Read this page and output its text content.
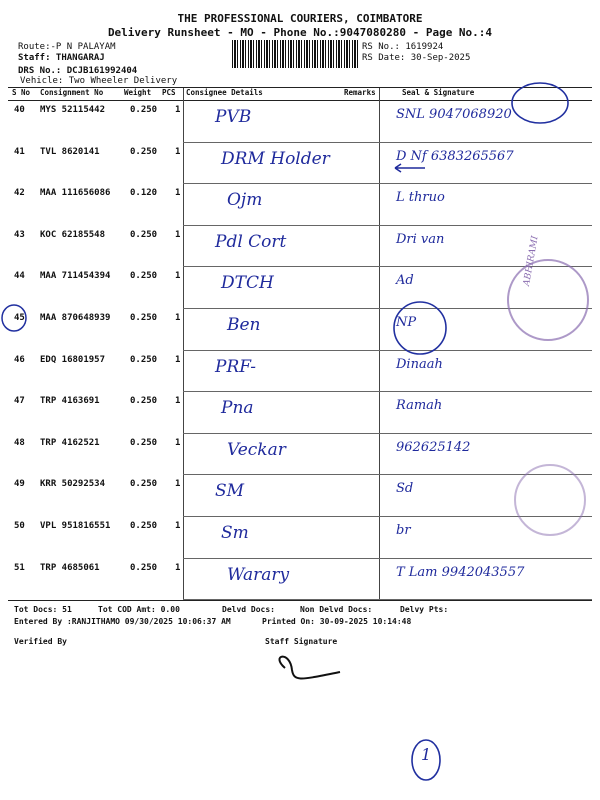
THE PROFESSIONAL COURIERS, COIMBATORE
Delivery Runsheet - MO - Phone No.:9047080280 - Page No.:4
Route:-P N PALAYAM
Staff: THANGARAJ
DRS No.: DCJB161992404
Vehicle: Two Wheeler Delivery
RS No.: 1619924
RS Date: 30-Sep-2025
S No Consignment No	Weight PCS Consignee Details	Remarks	Seal & Signature
40 MYS 52115442	0.250 1 PVB	SNL 9047068920
41 TVL 8620141	0.250 1 DRM Holder	D Nf 6383265567
42 MAA 111656086 0.120 1	Ojm	L thruo
43 KOC 62185548	0.250 1 Pdl Cort	Dri van
44 MAA 711454394 0.250 1 DTCH	Ad
45 MAA 870648939 0.250 1	Ben	NP
46 EDQ 16801957	0.250 1 PRF-	Dinaah
47 TRP 4163691	0.250 1 Pna	Ramah
48 TRP 4162521	0.250 1	Veckar	962625142
49 KRR 50292534	0.250 1 SM	Sd
50 VPL 951816551 0.250 1 Sm	br
51 TRP 4685061	0.250 1	Warary	T Lam 9942043557
Tot Docs: 51	Tot COD Amt: 0.00	Delvd Docs:	Non Delvd Docs:	Delvy Pts:
Entered By :RANJITHAMO 09/30/2025 10:06:37 AM	Printed On: 30-09-2025 10:14:48
Verified By	Staff Signature
ABHIRAMI
1
